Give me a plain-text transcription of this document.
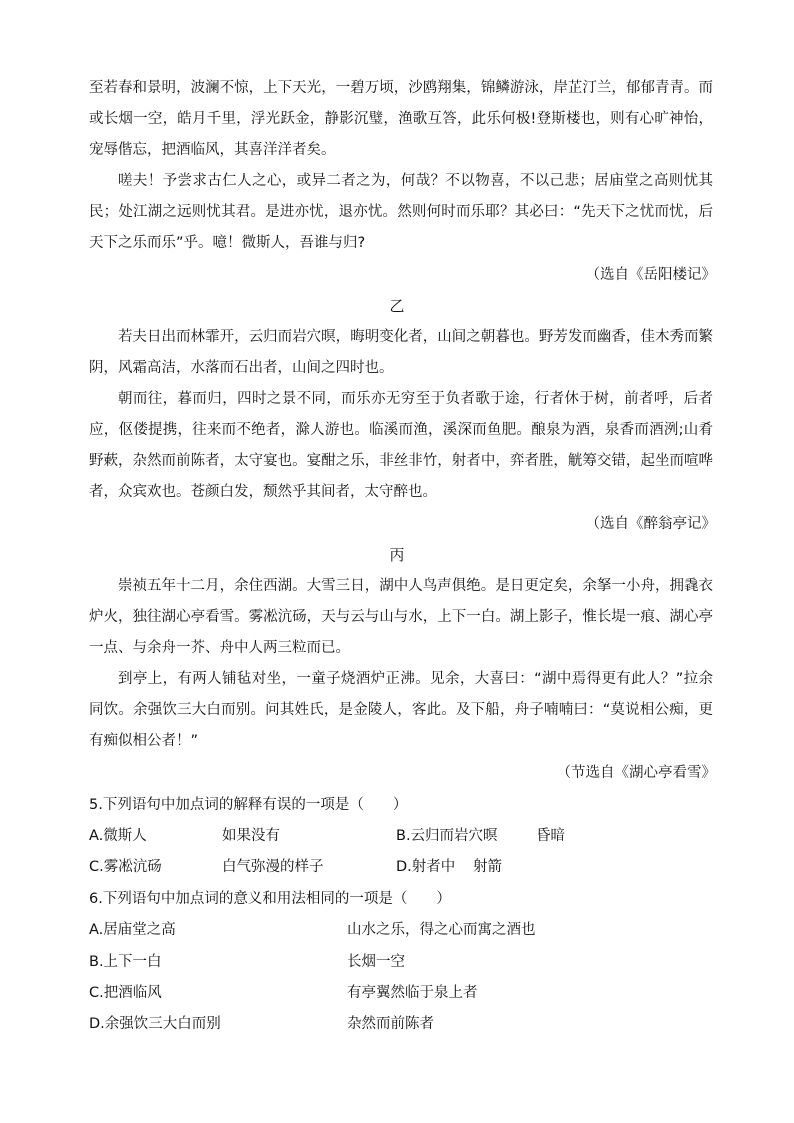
至若春和景明，波澜不惊，上下天光，一碧万顷，沙鸥翔集，锦鳞游泳，岸芷汀兰，郁郁青青。而或长烟一空，皓月千里，浮光跃金，静影沉璧，渔歌互答，此乐何极!登斯楼也，则有心旷神怡，宠辱偕忘，把酒临风，其喜洋洋者矣。

嗟夫！予尝求古仁人之心，或异二者之为，何哉？不以物喜，不以己悲；居庙堂之高则忧其民；处江湖之远则忧其君。是进亦忧，退亦忧。然则何时而乐耶？其必曰：“先天下之忧而忧，后天下之乐而乐”乎。噫！微斯人，吾谁与归?

（选自《岳阳楼记》
乙

若夫日出而林霏开，云归而岩穴暝，晦明变化者，山间之朝暮也。野芳发而幽香，佳木秀而繁阴，风霜高洁，水落而石出者，山间之四时也。

朝而往，暮而归，四时之景不同，而乐亦无穷至于负者歌于途，行者休于树，前者呼，后者应，伛偻提携，往来而不绝者，滁人游也。临溪而渔，溪深而鱼肥。酿泉为酒，泉香而酒洌;山肴野蔌，杂然而前陈者，太守宴也。宴酣之乐，非丝非竹，射者中，弈者胜，觥筹交错，起坐而喧哗者，众宾欢也。苍颜白发，颓然乎其间者，太守醉也。

（选自《醉翁亭记》
丙

崇祯五年十二月，余住西湖。大雪三日，湖中人鸟声俱绝。是日更定矣，余拏一小舟，拥毳衣炉火，独往湖心亭看雪。雾凇沆砀，天与云与山与水，上下一白。湖上影子，惟长堤一痕、湖心亭一点、与余舟一芥、舟中人两三粒而已。

到亭上，有两人铺毡对坐，一童子烧酒炉正沸。见余，大喜曰：“湖中焉得更有此人？”拉余同饮。余强饮三大白而别。问其姓氏，是金陵人，客此。及下船，舟子喃喃曰：“莫说相公痴，更有痴似相公者！”

（节选自《湖心亭看雪》
5.下列语句中加点词的解释有误的一项是（　　）
A.微斯人	如果没有	B.云归而岩穴暝	昏暗
C.雾凇沆砀	白气弥漫的样子	D.射者中 射箭
6.下列语句中加点词的意义和用法相同的一项是（　　）
A.居庙堂之高	山水之乐，得之心而寓之酒也
B.上下一白	长烟一空
C.把酒临风	有亭翼然临于泉上者
D.余强饮三大白而别	杂然而前陈者
